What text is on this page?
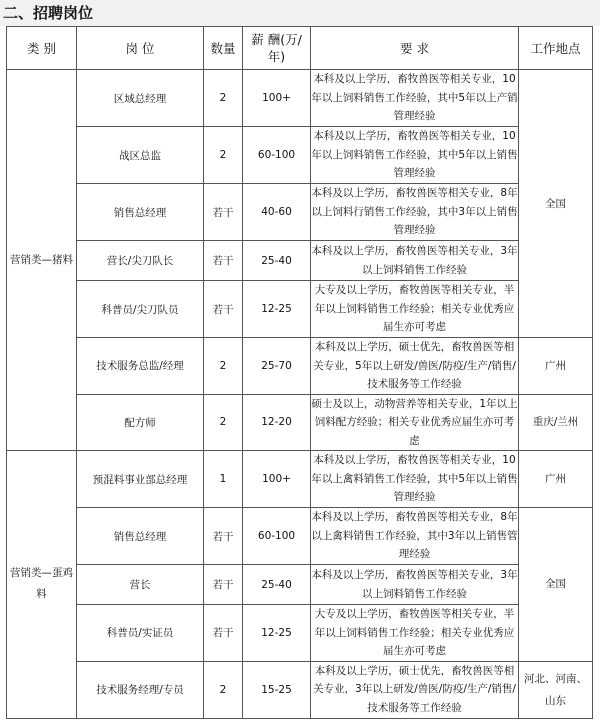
二、招聘岗位
类 别	岗 位	数量	薪 酬(万/年)	要 求	工作地点
营销类—猪料	区域总经理	2	100+	本科及以上学历，畜牧兽医等相关专业，10年以上饲料销售工作经验，其中5年以上产销管理经验	全国
	战区总监	2	60-100	本科及以上学历，畜牧兽医等相关专业，10年以上饲料销售工作经验，其中5年以上销售管理经验	
	销售总经理	若干	40-60	本科及以上学历，畜牧兽医等相关专业，8年以上饲料行销售工作经验，其中3年以上销售管理经验	
	营长/尖刀队长	若干	25-40	本科及以上学历，畜牧兽医等相关专业，3年以上饲料销售工作经验	
	科普员/尖刀队员	若干	12-25	大专及以上学历，畜牧兽医等相关专业，半年以上饲料销售工作经验；相关专业优秀应届生亦可考虑	
	技术服务总监/经理	2	25-70	本科及以上学历，硕士优先，畜牧兽医等相关专业，5年以上研发/兽医/防疫/生产/销售/技术服务等工作经验	广州
	配方师	2	12-20	硕士及以上，动物营养等相关专业，1年以上饲料配方经验；相关专业优秀应届生亦可考虑	重庆/兰州
营销类—蛋鸡料	预混料事业部总经理	1	100+	本科及以上学历，畜牧兽医等相关专业，10年以上禽料销售工作经验，其中5年以上销售管理经验	广州
	销售总经理	若干	60-100	本科及以上学历，畜牧兽医等相关专业，8年以上禽料销售工作经验，其中3年以上销售管理经验	全国
	营长	若干	25-40	本科及以上学历，畜牧兽医等相关专业，3年以上饲料销售工作经验	
	科普员/实证员	若干	12-25	大专及以上学历，畜牧兽医等相关专业，半年以上饲料销售工作经验；相关专业优秀应届生亦可考虑	
	技术服务经理/专员	2	15-25	本科及以上学历，硕士优先，畜牧兽医等相关专业，3年以上研发/兽医/防疫/生产/销售/技术服务等工作经验	河北、河南、山东
